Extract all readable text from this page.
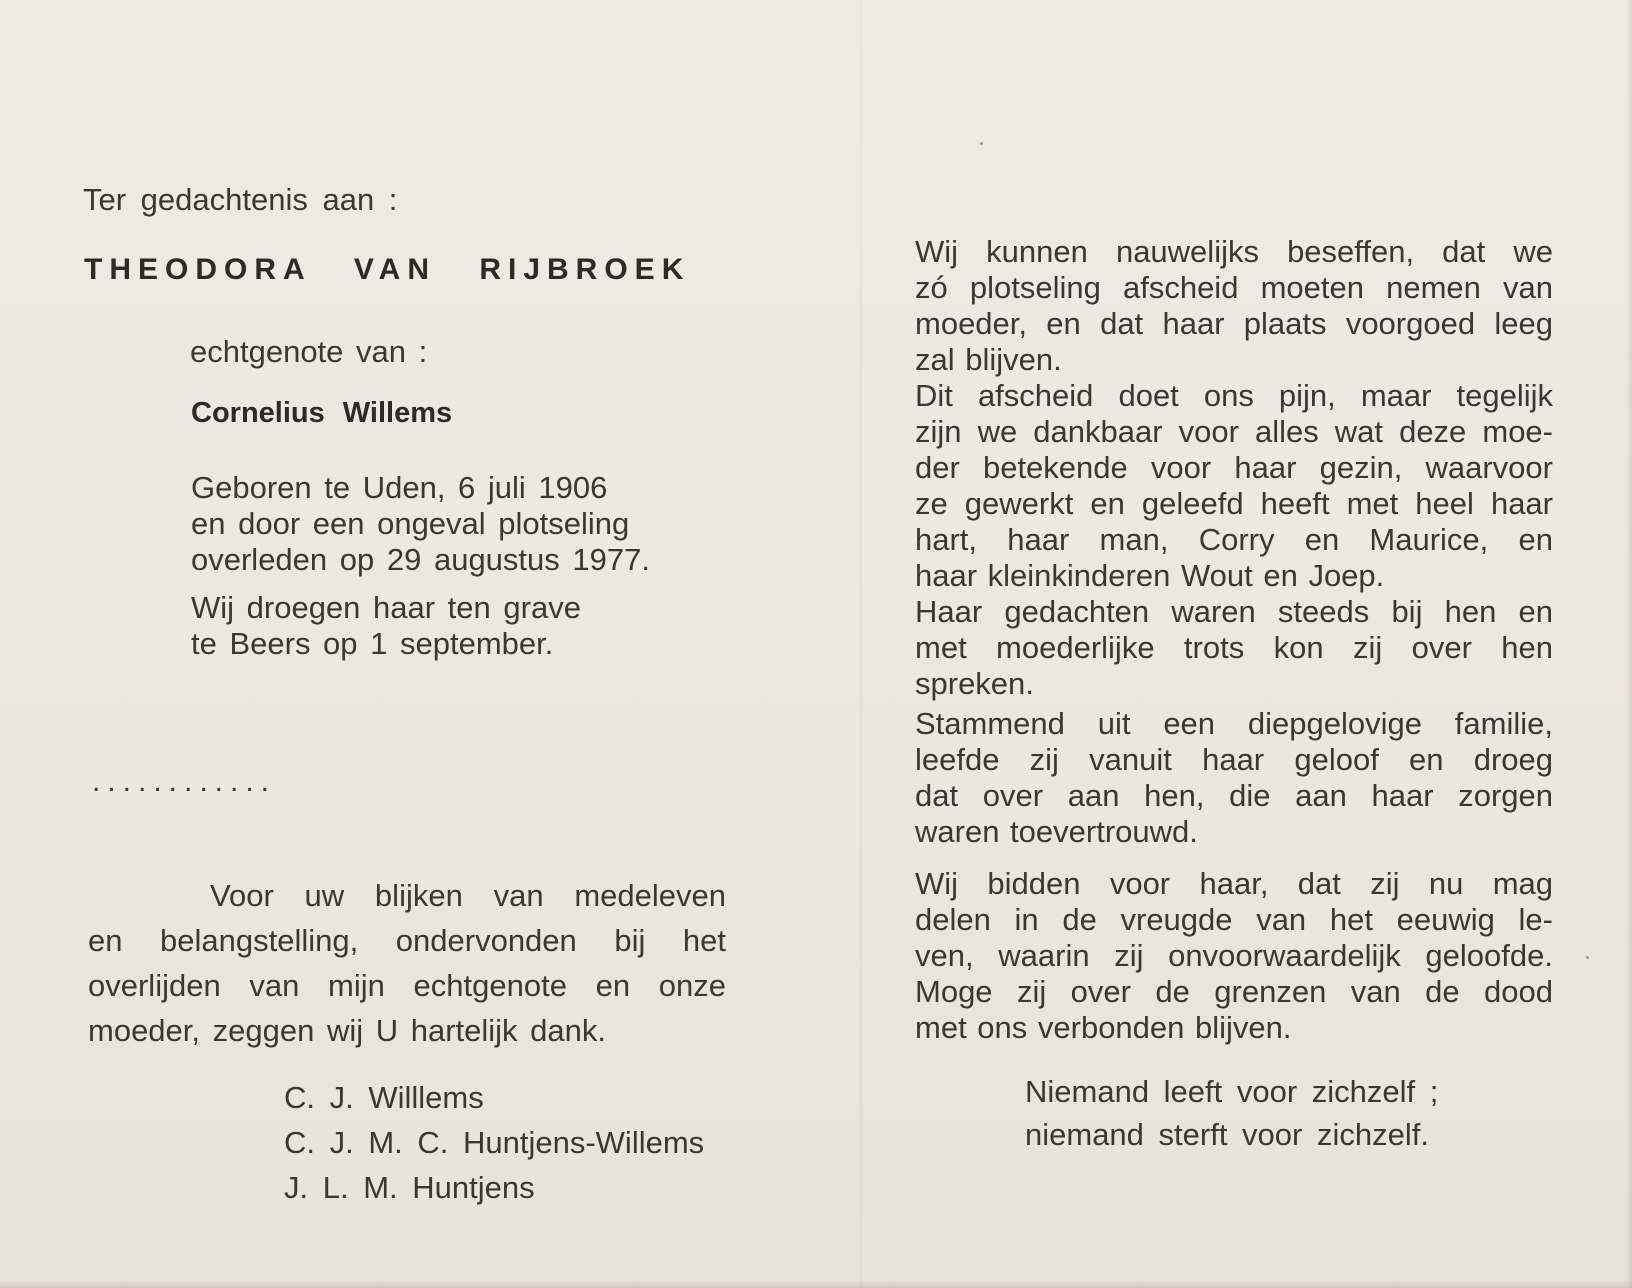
Ter gedachtenis aan :
THEODORA VAN RIJBROEK
echtgenote van :
Cornelius Willems

Geboren te Uden, 6 juli 1906

en door een ongeval plotseling

overleden op 29 augustus 1977.

Wij droegen haar ten grave

te Beers op 1 september.

............

Voor uw blijken van medeleven

en belangstelling, ondervonden bij het

overlijden van mijn echtgenote en onze

moeder, zeggen wij U hartelijk dank.

C. J. Willlems

C. J. M. C. Huntjens-Willems

J. L. M. Huntjens

Wij kunnen nauwelijks beseffen, dat we

zó plotseling afscheid moeten nemen van

moeder, en dat haar plaats voorgoed leeg

zal blijven.

Dit afscheid doet ons pijn, maar tegelijk

zijn we dankbaar voor alles wat deze moe-

der betekende voor haar gezin, waarvoor

ze gewerkt en geleefd heeft met heel haar

hart, haar man, Corry en Maurice, en

haar kleinkinderen Wout en Joep.

Haar gedachten waren steeds bij hen en

met moederlijke trots kon zij over hen

spreken.

Stammend uit een diepgelovige familie,

leefde zij vanuit haar geloof en droeg

dat over aan hen, die aan haar zorgen

waren toevertrouwd.

Wij bidden voor haar, dat zij nu mag

delen in de vreugde van het eeuwig le-

ven, waarin zij onvoorwaardelijk geloofde.

Moge zij over de grenzen van de dood

met ons verbonden blijven.

Niemand leeft voor zichzelf ;

niemand sterft voor zichzelf.
